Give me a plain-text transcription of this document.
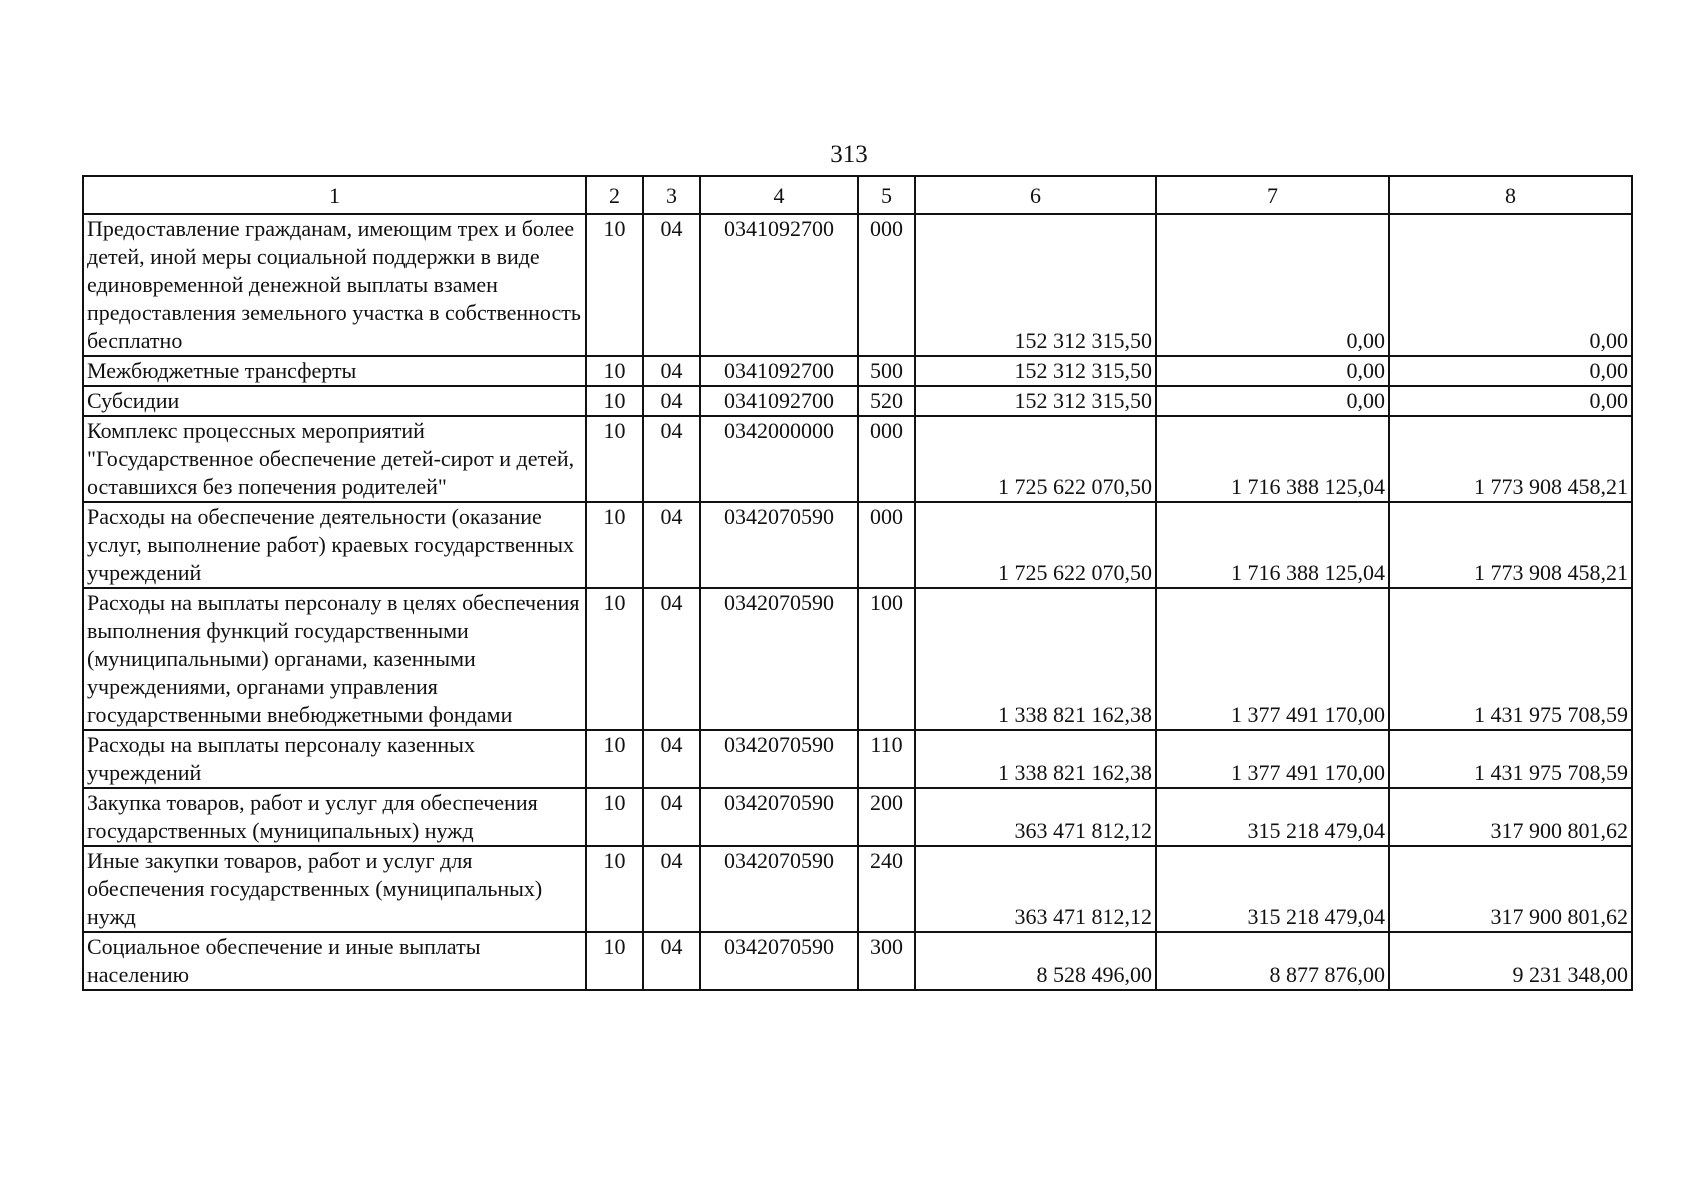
313
1	2	3	4	5	6	7	8
Предоставление гражданам, имеющим трех и более детей, иной меры социальной поддержки в виде единовременной денежной выплаты взамен предоставления земельного участка в собственность бесплатно	10	04	0341092700	000	152 312 315,50	0,00	0,00
Межбюджетные трансферты	10	04	0341092700	500	152 312 315,50	0,00	0,00
Субсидии	10	04	0341092700	520	152 312 315,50	0,00	0,00
Комплекс процессных мероприятий "Государственное обеспечение детей-сирот и детей, оставшихся без попечения родителей"	10	04	0342000000	000	1 725 622 070,50	1 716 388 125,04	1 773 908 458,21
Расходы на обеспечение деятельности (оказание услуг, выполнение работ) краевых государственных учреждений	10	04	0342070590	000	1 725 622 070,50	1 716 388 125,04	1 773 908 458,21
Расходы на выплаты персоналу в целях обеспечения выполнения функций государственными (муниципальными) органами, казенными учреждениями, органами управления государственными внебюджетными фондами	10	04	0342070590	100	1 338 821 162,38	1 377 491 170,00	1 431 975 708,59
Расходы на выплаты персоналу казенных учреждений	10	04	0342070590	110	1 338 821 162,38	1 377 491 170,00	1 431 975 708,59
Закупка товаров, работ и услуг для обеспечения государственных (муниципальных) нужд	10	04	0342070590	200	363 471 812,12	315 218 479,04	317 900 801,62
Иные закупки товаров, работ и услуг для обеспечения государственных (муниципальных) нужд	10	04	0342070590	240	363 471 812,12	315 218 479,04	317 900 801,62
Социальное обеспечение и иные выплаты населению	10	04	0342070590	300	8 528 496,00	8 877 876,00	9 231 348,00
